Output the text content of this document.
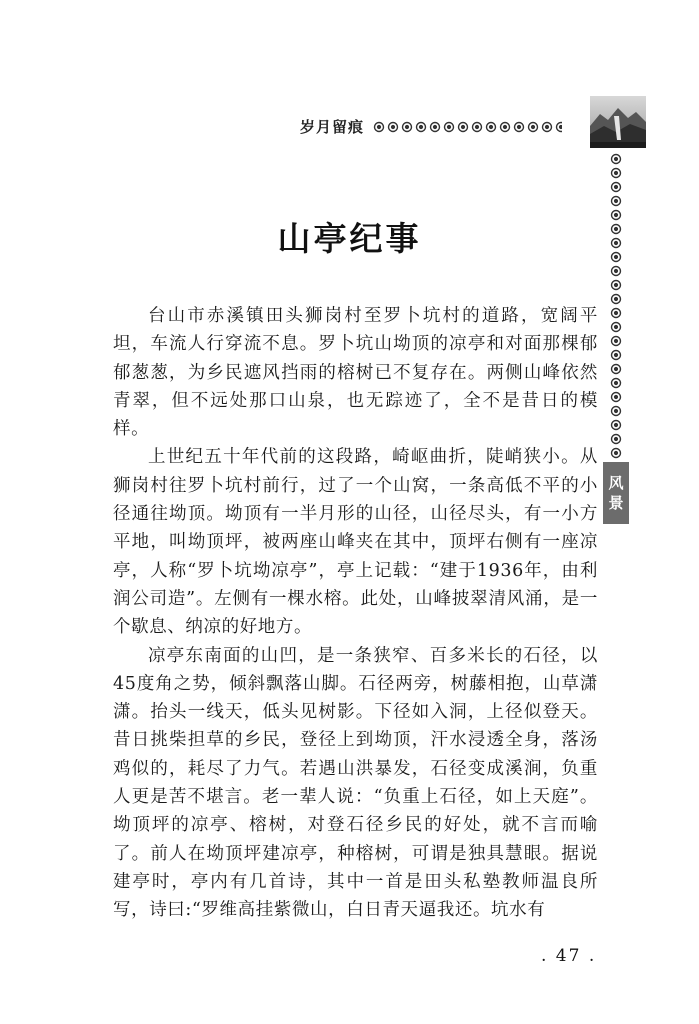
岁月留痕
风
景
山亭纪事

台山市赤溪镇田头狮岗村至罗卜坑村的道路，宽阔平坦，车流人行穿流不息。罗卜坑山坳顶的凉亭和对面那棵郁郁葱葱，为乡民遮风挡雨的榕树已不复存在。两侧山峰依然青翠，但不远处那口山泉，也无踪迹了，全不是昔日的模样。

上世纪五十年代前的这段路，崎岖曲折，陡峭狭小。从狮岗村往罗卜坑村前行，过了一个山窝，一条高低不平的小径通往坳顶。坳顶有一半月形的山径，山径尽头，有一小方平地，叫坳顶坪，被两座山峰夹在其中，顶坪右侧有一座凉亭，人称“罗卜坑坳凉亭”，亭上记载：“建于1936年，由利润公司造”。左侧有一棵水榕。此处，山峰披翠清风涌，是一个歇息、纳凉的好地方。

凉亭东南面的山凹，是一条狭窄、百多米长的石径，以45度角之势，倾斜飘落山脚。石径两旁，树藤相抱，山草潇潇。抬头一线天，低头见树影。下径如入洞，上径似登天。昔日挑柴担草的乡民，登径上到坳顶，汗水浸透全身，落汤鸡似的，耗尽了力气。若遇山洪暴发，石径变成溪涧，负重人更是苦不堪言。老一辈人说：“负重上石径，如上天庭”。坳顶坪的凉亭、榕树，对登石径乡民的好处，就不言而喻了。前人在坳顶坪建凉亭，种榕树，可谓是独具慧眼。据说建亭时，亭内有几首诗，其中一首是田头私塾教师温良所写，诗曰:“罗维高挂紫微山，白日青天逼我还。坑水有

. 47 .
